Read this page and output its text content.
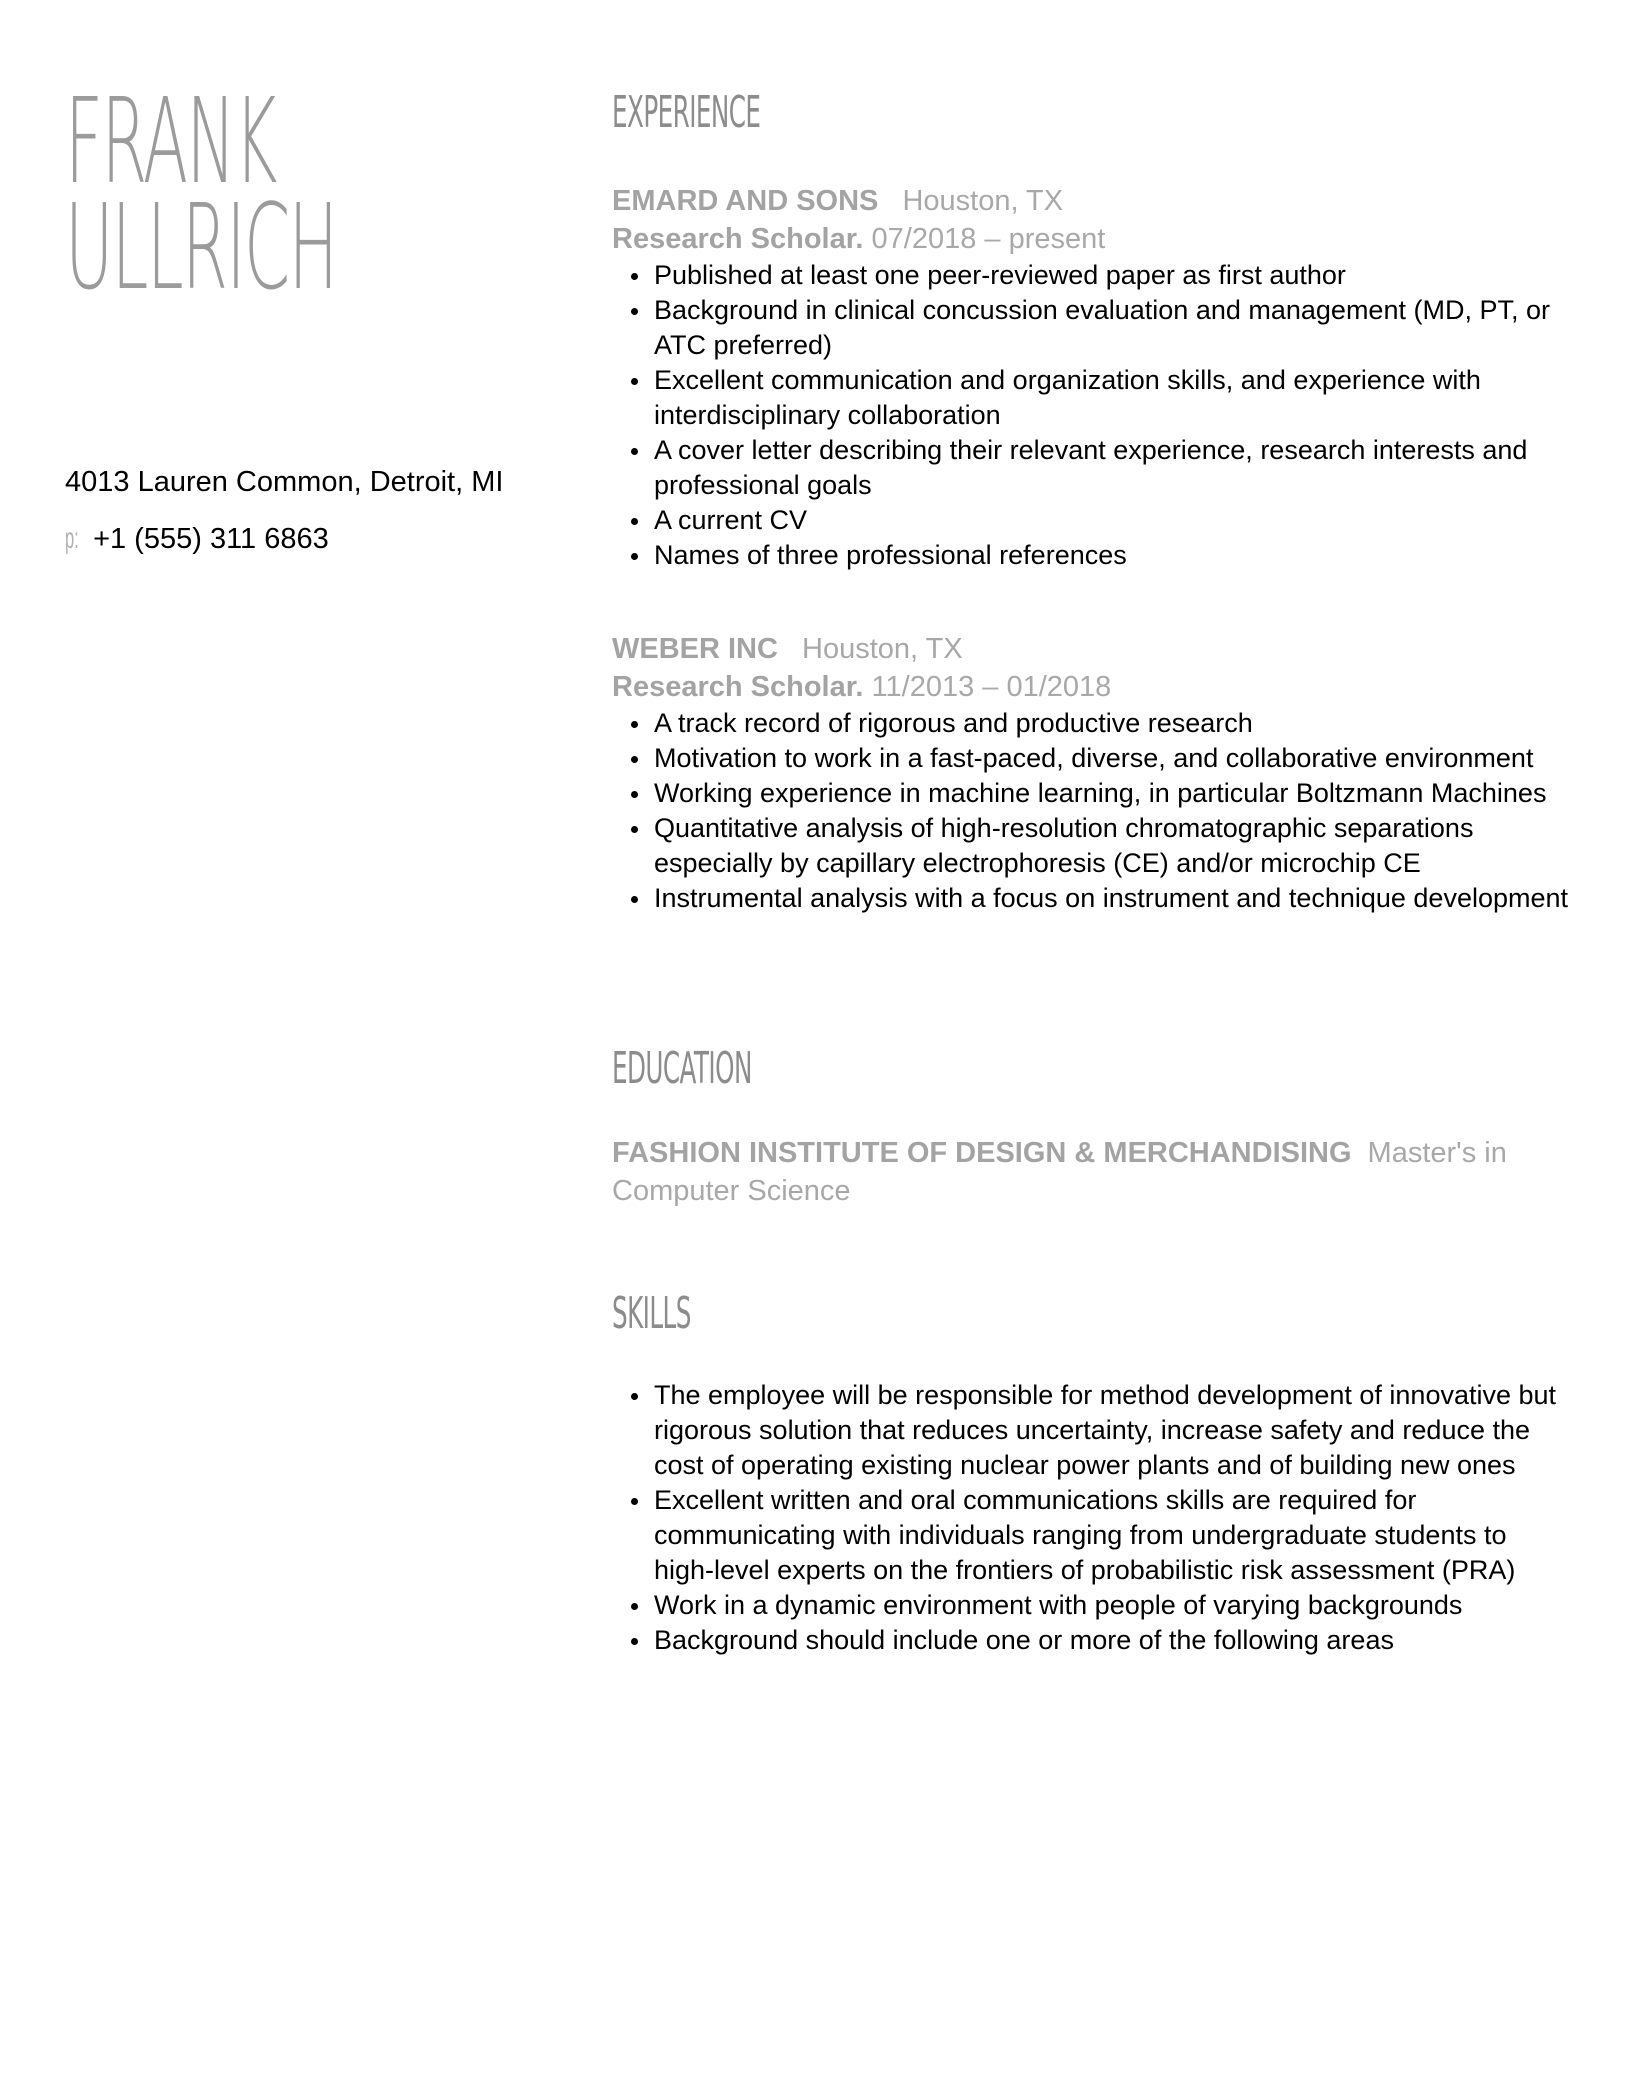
FRANK
ULLRICH
4013 Lauren Common, Detroit, MI
p: +1 (555) 311 6863
EXPERIENCE
EMARD AND SONS Houston, TX
Research Scholar. 07/2018 – present
Published at least one peer-reviewed paper as first author
Background in clinical concussion evaluation and management (MD, PT, or ATC preferred)
Excellent communication and organization skills, and experience with interdisciplinary collaboration
A cover letter describing their relevant experience, research interests and professional goals
A current CV
Names of three professional references
WEBER INC Houston, TX
Research Scholar. 11/2013 – 01/2018
A track record of rigorous and productive research
Motivation to work in a fast-paced, diverse, and collaborative environment
Working experience in machine learning, in particular Boltzmann Machines
Quantitative analysis of high-resolution chromatographic separations especially by capillary electrophoresis (CE) and/or microchip CE
Instrumental analysis with a focus on instrument and technique development
EDUCATION
FASHION INSTITUTE OF DESIGN & MERCHANDISING Master's in Computer Science
SKILLS
The employee will be responsible for method development of innovative but rigorous solution that reduces uncertainty, increase safety and reduce the cost of operating existing nuclear power plants and of building new ones
Excellent written and oral communications skills are required for communicating with individuals ranging from undergraduate students to high-level experts on the frontiers of probabilistic risk assessment (PRA)
Work in a dynamic environment with people of varying backgrounds
Background should include one or more of the following areas
